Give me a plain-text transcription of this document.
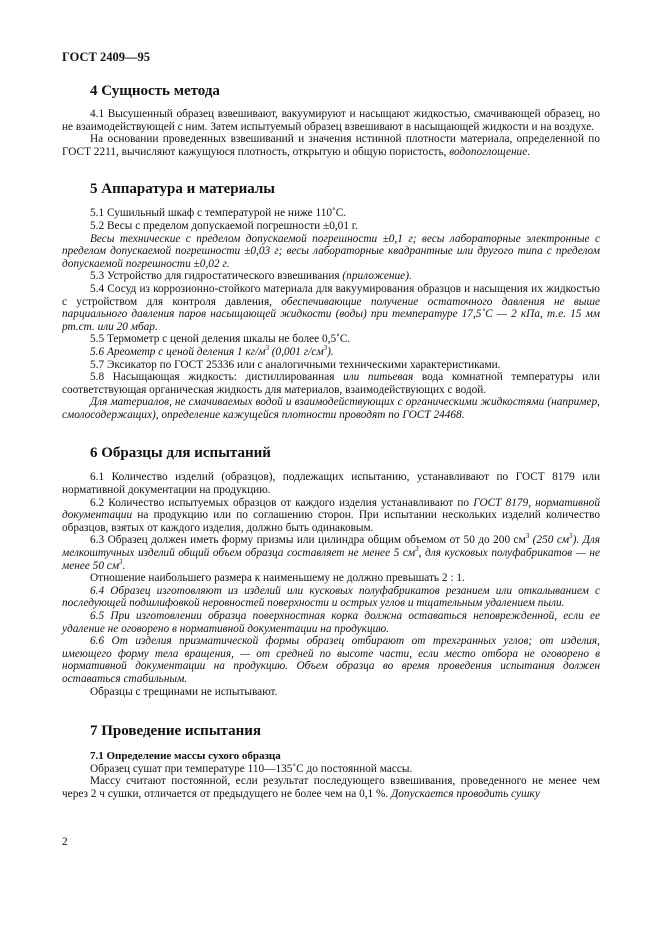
ГОСТ 2409—95
4 Сущность метода

4.1 Высушенный образец взвешивают, вакуумируют и насыщают жидкостью, смачивающей образец, но не взаимодействующей с ним. Затем испытуемый образец взвешивают в насыщающей жидкости и на воздухе.

На основании проведенных взвешиваний и значения истинной плотности материала, определенной по ГОСТ 2211, вычисляют кажущуюся плотность, открытую и общую пористость, водопоглощение.

5 Аппаратура и материалы

5.1 Сушильный шкаф с температурой не ниже 110˚С.

5.2 Весы с пределом допускаемой погрешности ±0,01 г.

Весы технические с пределом допускаемой погрешности ±0,1 г; весы лабораторные электронные с пределом допускаемой погрешности ±0,03 г; весы лабораторные квадрантные или другого типа с пределом допускаемой погрешности ±0,02 г.

5.3 Устройство для гидростатического взвешивания (приложение).

5.4 Сосуд из коррозионно-стойкого материала для вакуумирования образцов и насыщения их жидкостью с устройством для контроля давления, обеспечивающие получение остаточного давления не выше парциального давления паров насыщающей жидкости (воды) при температуре 17,5˚С — 2 кПа, т.е. 15 мм рт.ст. или 20 мбар.

5.5 Термометр с ценой деления шкалы не более 0,5˚С.

5.6 Ареометр с ценой деления 1 $кг/м^3$ (0,001 $г/см^3$).

5.7 Эксикатор по ГОСТ 25336 или с аналогичными техническими характеристиками.

5.8 Насыщающая жидкость: дистиллированная или питьевая вода комнатной температуры или соответствующая органическая жидкость для материалов, взаимодействующих с водой.

Для материалов, не смачиваемых водой и взаимодействующих с органическими жидкостями (например, смолосодержащих), определение кажущейся плотности проводят по ГОСТ 24468.

6 Образцы для испытаний

6.1 Количество изделий (образцов), подлежащих испытанию, устанавливают по ГОСТ 8179 или нормативной документации на продукцию.

6.2 Количество испытуемых образцов от каждого изделия устанавливают по ГОСТ 8179, нормативной документации на продукцию или по соглашению сторон. При испытании нескольких изделий количество образцов, взятых от каждого изделия, должно быть одинаковым.

6.3 Образец должен иметь форму призмы или цилиндра общим объемом от 50 до 200 $см^3$ (250 $см^3$). Для мелкоштучных изделий общий объем образца составляет не менее 5 $см^3$, для кусковых полуфабрикатов — не менее 50 $см^3$.

Отношение наибольшего размера к наименьшему не должно превышать 2 : 1.

6.4 Образец изготовляют из изделий или кусковых полуфабрикатов резанием или откалыванием с последующей подшлифовкой неровностей поверхности и острых углов и тщательным удалением пыли.

6.5 При изготовлении образца поверхностная корка должна оставаться неповрежденной, если ее удаление не оговорено в нормативной документации на продукцию.

6.6 От изделия призматической формы образец отбирают от трехгранных углов; от изделия, имеющего форму тела вращения, — от средней по высоте части, если место отбора не оговорено в нормативной документации на продукцию. Объем образца во время проведения испытания должен оставаться стабильным.

Образцы с трещинами не испытывают.

7 Проведение испытания
7.1 Определение массы сухого образца

Образец сушат при температуре 110—135˚С до постоянной массы.

Массу считают постоянной, если результат последующего взвешивания, проведенного не менее чем через 2 ч сушки, отличается от предыдущего не более чем на 0,1 %. Допускается проводить сушку

2
